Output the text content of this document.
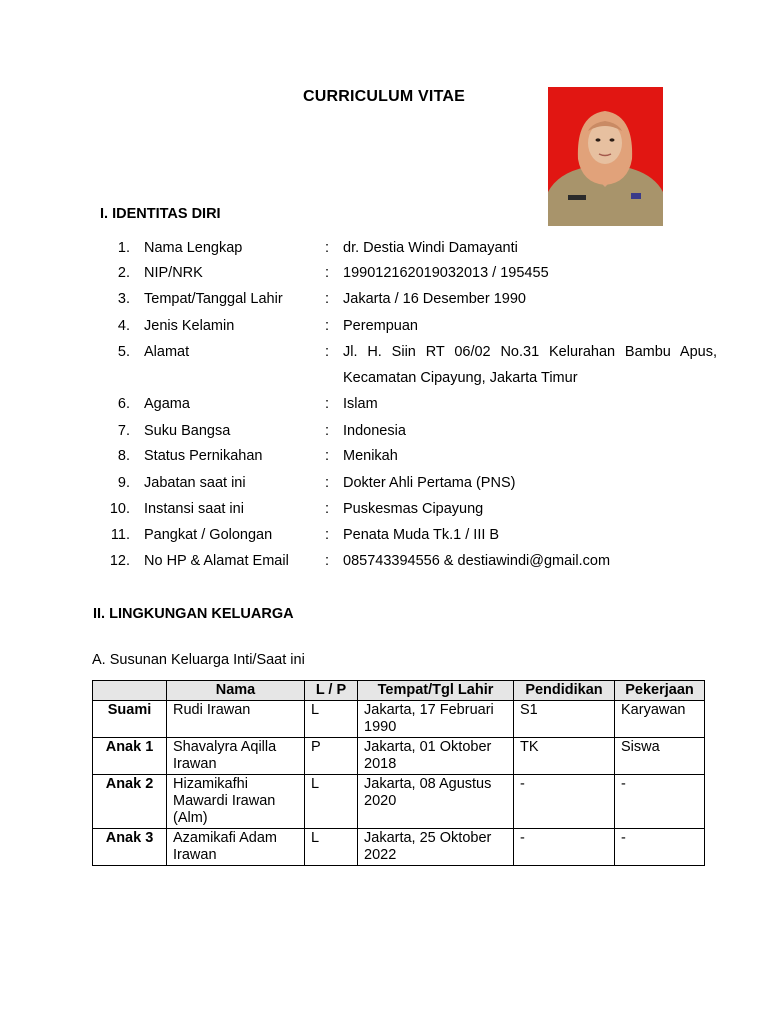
CURRICULUM VITAE
I. IDENTITAS DIRI
1. Nama Lengkap	: dr. Destia Windi Damayanti
2. NIP/NRK	: 199012162019032013 / 195455
3. Tempat/Tanggal Lahir	: Jakarta / 16 Desember 1990
4. Jenis Kelamin	: Perempuan
5. Alamat	: Jl. H. Siin RT 06/02 No.31 Kelurahan Bambu Apus, Kecamatan Cipayung, Jakarta Timur
6. Agama	: Islam
7. Suku Bangsa	: Indonesia
8. Status Pernikahan	: Menikah
9. Jabatan saat ini	: Dokter Ahli Pertama (PNS)
10. Instansi saat ini	: Puskesmas Cipayung
11. Pangkat / Golongan	: Penata Muda Tk.1 / III B
12. No HP & Alamat Email	: 085743394556 & destiawindi@gmail.com
II. LINGKUNGAN KELUARGA
A. Susunan Keluarga Inti/Saat ini
	Nama	L / P	Tempat/Tgl Lahir	Pendidikan	Pekerjaan
Suami	Rudi Irawan	L	Jakarta, 17 Februari 1990	S1	Karyawan
Anak 1	Shavalyra Aqilla Irawan	P	Jakarta, 01 Oktober 2018	TK	Siswa
Anak 2	Hizamikafhi Mawardi Irawan (Alm)	L	Jakarta, 08 Agustus 2020	-	-
Anak 3	Azamikafi Adam Irawan	L	Jakarta, 25 Oktober 2022	-	-
